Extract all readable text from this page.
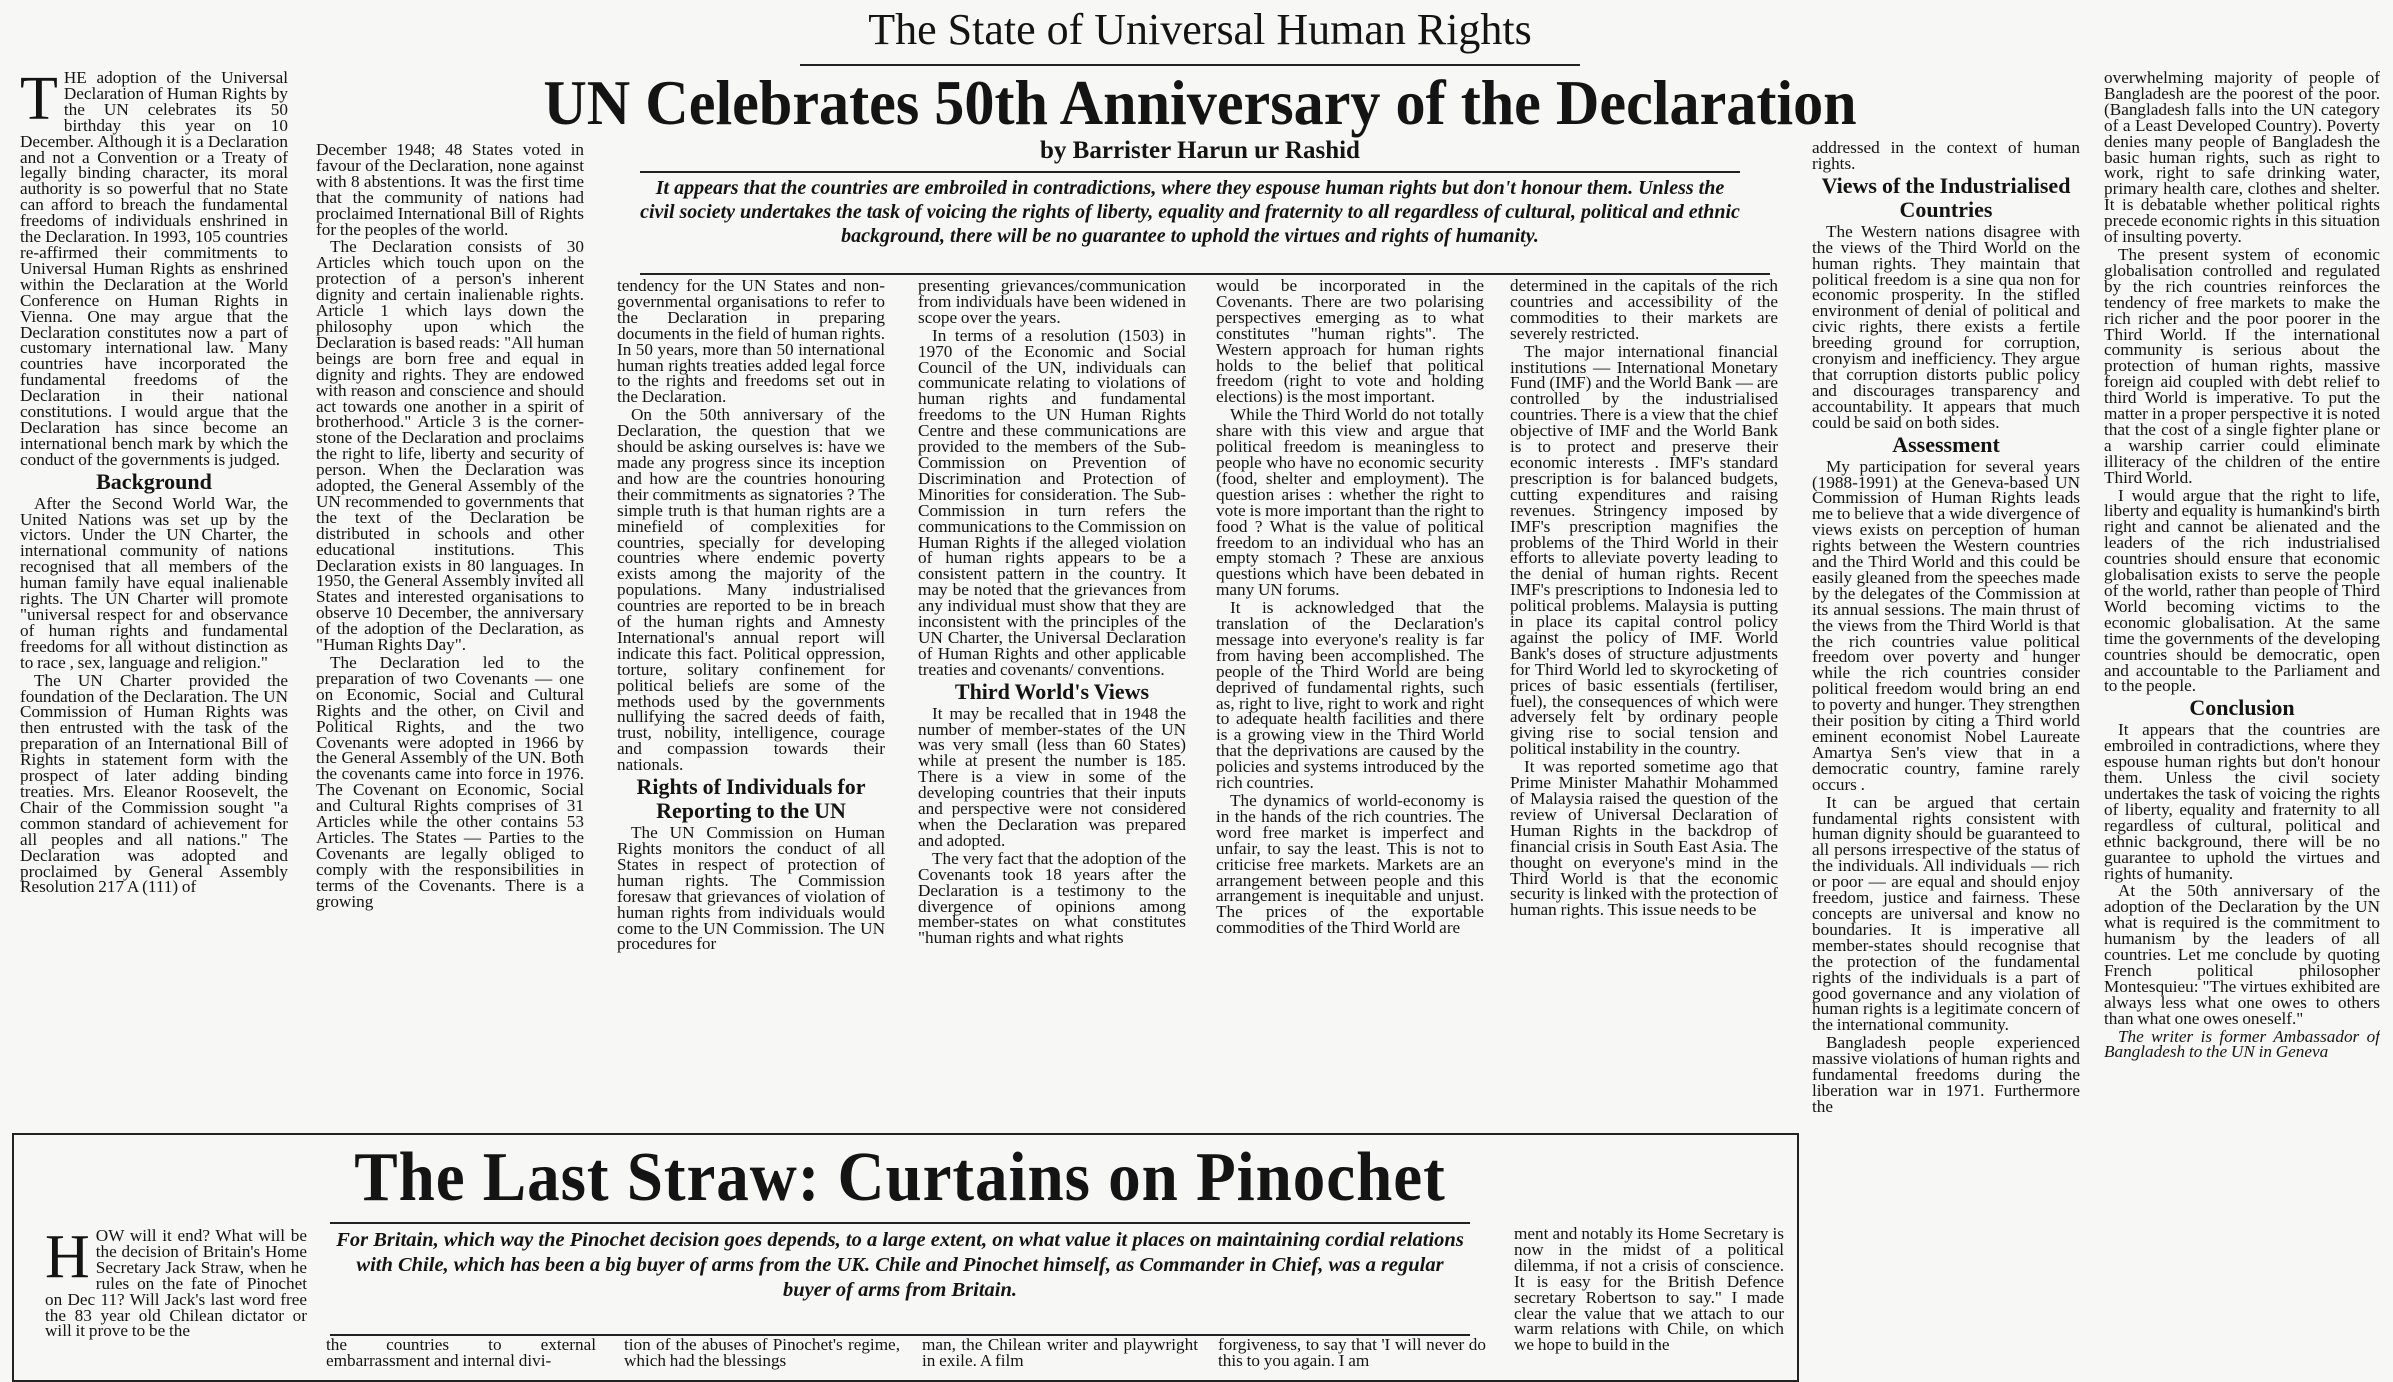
The State of Universal Human Rights
UN Celebrates 50th Anniversary of the Declaration
by Barrister Harun ur Rashid
It appears that the countries are embroiled in contradictions, where they espouse human rights but don't honour them. Unless the civil society undertakes the task of voicing the rights of liberty, equality and fraternity to all regardless of cultural, political and ethnic background, there will be no guarantee to uphold the virtues and rights of humanity.

THE adoption of the Universal Declaration of Human Rights by the UN celebrates its 50 birthday this year on 10 December. Although it is a Declaration and not a Convention or a Treaty of legally binding character, its moral authority is so powerful that no State can afford to breach the fundamental freedoms of individuals enshrined in the Declaration. In 1993, 105 countries re-affirmed their commitments to Universal Human Rights as enshrined within the Declaration at the World Conference on Human Rights in Vienna. One may argue that the Declaration constitutes now a part of customary international law. Many countries have incorporated the fundamental freedoms of the Declaration in their national constitutions. I would argue that the Declaration has since become an international bench mark by which the conduct of the governments is judged.

Background

After the Second World War, the United Nations was set up by the victors. Under the UN Charter, the international community of nations recognised that all members of the human family have equal inalienable rights. The UN Charter will promote "universal respect for and observance of human rights and fundamental freedoms for all without distinction as to race , sex, language and religion."

The UN Charter provided the foundation of the Declaration. The UN Commission of Human Rights was then entrusted with the task of the preparation of an International Bill of Rights in statement form with the prospect of later adding binding treaties. Mrs. Eleanor Roosevelt, the Chair of the Commission sought "a common standard of achievement for all peoples and all nations." The Declaration was adopted and proclaimed by General Assembly Resolution 217 A (111) of

December 1948; 48 States voted in favour of the Declaration, none against with 8 abstentions. It was the first time that the community of nations had proclaimed International Bill of Rights for the peoples of the world.

The Declaration consists of 30 Articles which touch upon on the protection of a person's inherent dignity and certain inalienable rights. Article 1 which lays down the philosophy upon which the Declaration is based reads: "All human beings are born free and equal in dignity and rights. They are endowed with reason and conscience and should act towards one another in a spirit of brotherhood." Article 3 is the corner-stone of the Declaration and proclaims the right to life, liberty and security of person. When the Declaration was adopted, the General Assembly of the UN recommended to governments that the text of the Declaration be distributed in schools and other educational institutions. This Declaration exists in 80 languages. In 1950, the General Assembly invited all States and interested organisations to observe 10 December, the anniversary of the adoption of the Declaration, as "Human Rights Day".

The Declaration led to the preparation of two Covenants — one on Economic, Social and Cultural Rights and the other, on Civil and Political Rights, and the two Covenants were adopted in 1966 by the General Assembly of the UN. Both the covenants came into force in 1976. The Covenant on Economic, Social and Cultural Rights comprises of 31 Articles while the other contains 53 Articles. The States — Parties to the Covenants are legally obliged to comply with the responsibilities in terms of the Covenants. There is a growing

tendency for the UN States and non-governmental organisations to refer to the Declaration in preparing documents in the field of human rights. In 50 years, more than 50 international human rights treaties added legal force to the rights and freedoms set out in the Declaration.

On the 50th anniversary of the Declaration, the question that we should be asking ourselves is: have we made any progress since its inception and how are the countries honouring their commitments as signatories ? The simple truth is that human rights are a minefield of complexities for countries, specially for developing countries where endemic poverty exists among the majority of the populations. Many industrialised countries are reported to be in breach of the human rights and Amnesty International's annual report will indicate this fact. Political oppression, torture, solitary confinement for political beliefs are some of the methods used by the governments nullifying the sacred deeds of faith, trust, nobility, intelligence, courage and compassion towards their nationals.

Rights of Individuals for Reporting to the UN

The UN Commission on Human Rights monitors the conduct of all States in respect of protection of human rights. The Commission foresaw that grievances of violation of human rights from individuals would come to the UN Commission. The UN procedures for

presenting grievances/communication from individuals have been widened in scope over the years.

In terms of a resolution (1503) in 1970 of the Economic and Social Council of the UN, individuals can communicate relating to violations of human rights and fundamental freedoms to the UN Human Rights Centre and these communications are provided to the members of the Sub-Commission on Prevention of Discrimination and Protection of Minorities for consideration. The Sub-Commission in turn refers the communications to the Commission on Human Rights if the alleged violation of human rights appears to be a consistent pattern in the country. It may be noted that the grievances from any individual must show that they are inconsistent with the principles of the UN Charter, the Universal Declaration of Human Rights and other applicable treaties and covenants/ conventions.

Third World's Views

It may be recalled that in 1948 the number of member-states of the UN was very small (less than 60 States) while at present the number is 185. There is a view in some of the developing countries that their inputs and perspective were not considered when the Declaration was prepared and adopted.

The very fact that the adoption of the Covenants took 18 years after the Declaration is a testimony to the divergence of opinions among member-states on what constitutes "human rights and what rights

would be incorporated in the Covenants. There are two polarising perspectives emerging as to what constitutes "human rights". The Western approach for human rights holds to the belief that political freedom (right to vote and holding elections) is the most important.

While the Third World do not totally share with this view and argue that political freedom is meaningless to people who have no economic security (food, shelter and employment). The question arises : whether the right to vote is more important than the right to food ? What is the value of political freedom to an individual who has an empty stomach ? These are anxious questions which have been debated in many UN forums.

It is acknowledged that the translation of the Declaration's message into everyone's reality is far from having been accomplished. The people of the Third World are being deprived of fundamental rights, such as, right to live, right to work and right to adequate health facilities and there is a growing view in the Third World that the deprivations are caused by the policies and systems introduced by the rich countries.

The dynamics of world-economy is in the hands of the rich countries. The word free market is imperfect and unfair, to say the least. This is not to criticise free markets. Markets are an arrangement between people and this arrangement is inequitable and unjust. The prices of the exportable commodities of the Third World are

determined in the capitals of the rich countries and accessibility of the commodities to their markets are severely restricted.

The major international financial institutions — International Monetary Fund (IMF) and the World Bank — are controlled by the industrialised countries. There is a view that the chief objective of IMF and the World Bank is to protect and preserve their economic interests . IMF's standard prescription is for balanced budgets, cutting expenditures and raising revenues. Stringency imposed by IMF's prescription magnifies the problems of the Third World in their efforts to alleviate poverty leading to the denial of human rights. Recent IMF's prescriptions to Indonesia led to political problems. Malaysia is putting in place its capital control policy against the policy of IMF. World Bank's doses of structure adjustments for Third World led to skyrocketing of prices of basic essentials (fertiliser, fuel), the consequences of which were adversely felt by ordinary people giving rise to social tension and political instability in the country.

It was reported sometime ago that Prime Minister Mahathir Mohammed of Malaysia raised the question of the review of Universal Declaration of Human Rights in the backdrop of financial crisis in South East Asia. The thought on everyone's mind in the Third World is that the economic security is linked with the protection of human rights. This issue needs to be

addressed in the context of human rights.

Views of the Industrialised Countries

The Western nations disagree with the views of the Third World on the human rights. They maintain that political freedom is a sine qua non for economic prosperity. In the stifled environment of denial of political and civic rights, there exists a fertile breeding ground for corruption, cronyism and inefficiency. They argue that corruption distorts public policy and discourages transparency and accountability. It appears that much could be said on both sides.

Assessment

My participation for several years (1988-1991) at the Geneva-based UN Commission of Human Rights leads me to believe that a wide divergence of views exists on perception of human rights between the Western countries and the Third World and this could be easily gleaned from the speeches made by the delegates of the Commission at its annual sessions. The main thrust of the views from the Third World is that the rich countries value political freedom over poverty and hunger while the rich countries consider political freedom would bring an end to poverty and hunger. They strengthen their position by citing a Third world eminent economist Nobel Laureate Amartya Sen's view that in a democratic country, famine rarely occurs .

It can be argued that certain fundamental rights consistent with human dignity should be guaranteed to all persons irrespective of the status of the individuals. All individuals — rich or poor — are equal and should enjoy freedom, justice and fairness. These concepts are universal and know no boundaries. It is imperative all member-states should recognise that the protection of the fundamental rights of the individuals is a part of good governance and any violation of human rights is a legitimate concern of the international community.

Bangladesh people experienced massive violations of human rights and fundamental freedoms during the liberation war in 1971. Furthermore the

overwhelming majority of people of Bangladesh are the poorest of the poor. (Bangladesh falls into the UN category of a Least Developed Country). Poverty denies many people of Bangladesh the basic human rights, such as right to work, right to safe drinking water, primary health care, clothes and shelter. It is debatable whether political rights precede economic rights in this situation of insulting poverty.

The present system of economic globalisation controlled and regulated by the rich countries reinforces the tendency of free markets to make the rich richer and the poor poorer in the Third World. If the international community is serious about the protection of human rights, massive foreign aid coupled with debt relief to third World is imperative. To put the matter in a proper perspective it is noted that the cost of a single fighter plane or a warship carrier could eliminate illiteracy of the children of the entire Third World.

I would argue that the right to life, liberty and equality is humankind's birth right and cannot be alienated and the leaders of the rich industrialised countries should ensure that economic globalisation exists to serve the people of the world, rather than people of Third World becoming victims to the economic globalisation. At the same time the governments of the developing countries should be democratic, open and accountable to the Parliament and to the people.

Conclusion

It appears that the countries are embroiled in contradictions, where they espouse human rights but don't honour them. Unless the civil society undertakes the task of voicing the rights of liberty, equality and fraternity to all regardless of cultural, political and ethnic background, there will be no guarantee to uphold the virtues and rights of humanity.

At the 50th anniversary of the adoption of the Declaration by the UN what is required is the commitment to humanism by the leaders of all countries. Let me conclude by quoting French political philosopher Montesquieu: "The virtues exhibited are always less what one owes to others than what one owes oneself."

The writer is former Ambassador of Bangladesh to the UN in Geneva

The Last Straw: Curtains on Pinochet
For Britain, which way the Pinochet decision goes depends, to a large extent, on what value it places on maintaining cordial relations with Chile, which has been a big buyer of arms from the UK. Chile and Pinochet himself, as Commander in Chief, was a regular buyer of arms from Britain.

HOW will it end? What will be the decision of Britain's Home Secretary Jack Straw, when he rules on the fate of Pinochet on Dec 11? Will Jack's last word free the 83 year old Chilean dictator or will it prove to be the

the countries to external embarrassment and internal divi-

tion of the abuses of Pinochet's regime, which had the blessings

man, the Chilean writer and playwright in exile. A film

forgiveness, to say that 'I will never do this to you again. I am

ment and notably its Home Secretary is now in the midst of a political dilemma, if not a crisis of conscience. It is easy for the British Defence secretary Robertson to say." I made clear the value that we attach to our warm relations with Chile, on which we hope to build in the
